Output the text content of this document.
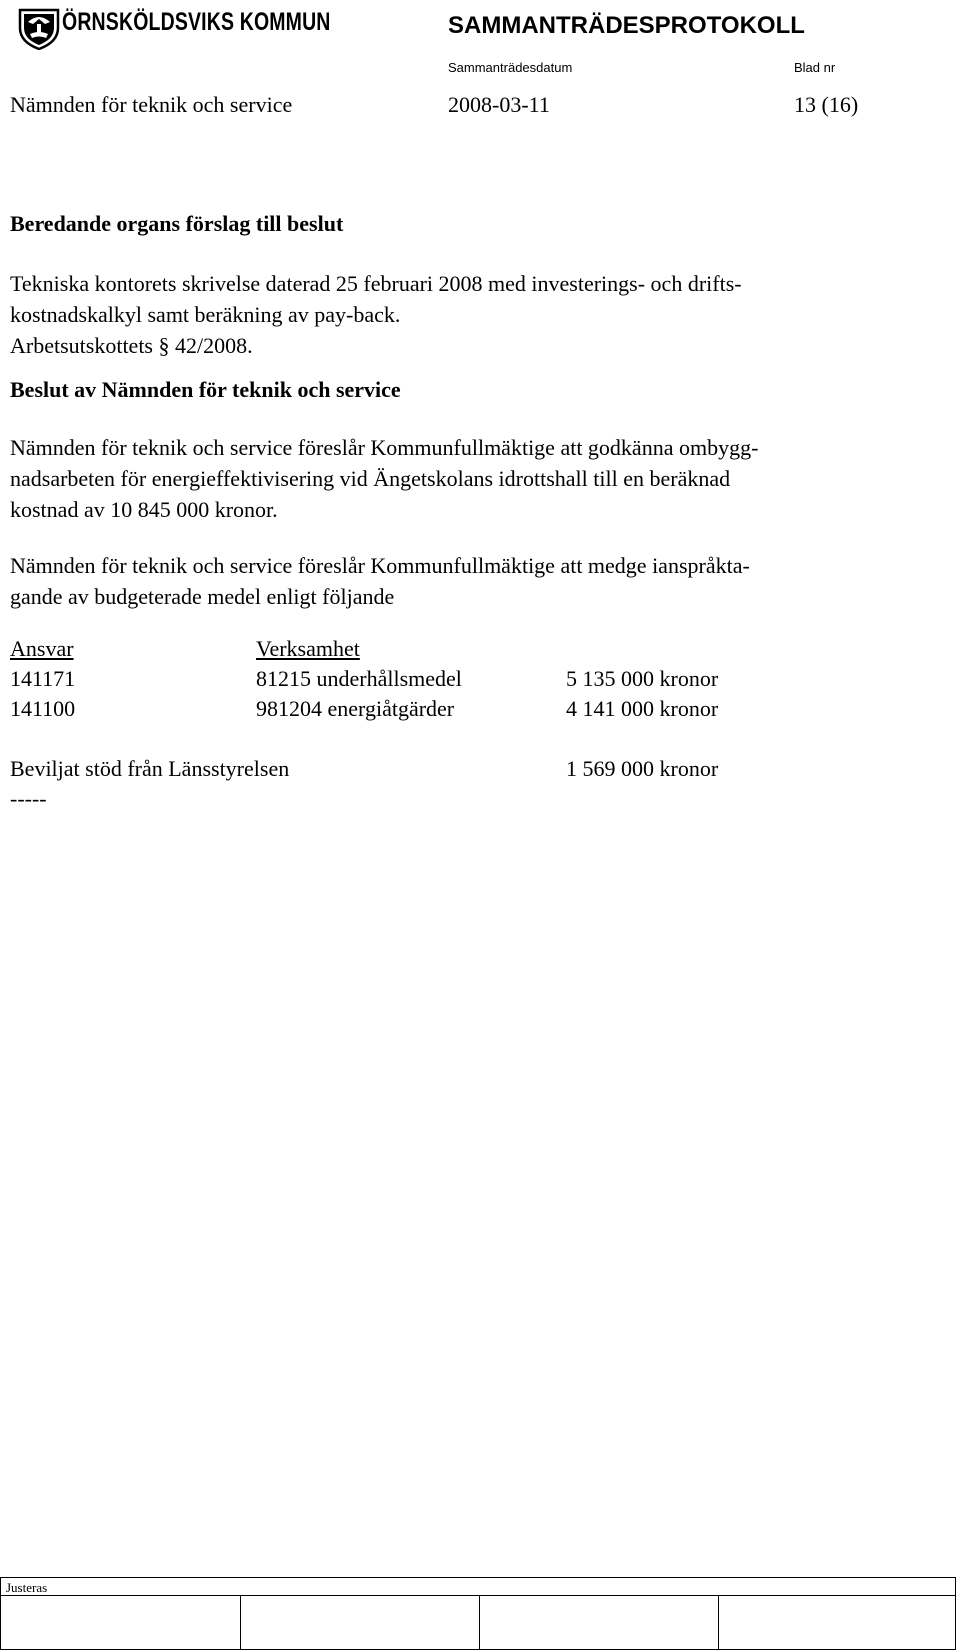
ÖRNSKÖLDSVIKS KOMMUN	SAMMANTRÄDESPROTOKOLL
Sammanträdesdatum	Blad nr
Nämnden för teknik och service	2008-03-11	13 (16)
Beredande organs förslag till beslut
Tekniska kontorets skrivelse daterad 25 februari 2008 med investerings- och drifts-
kostnadskalkyl samt beräkning av pay-back.
Arbetsutskottets § 42/2008.
Beslut av Nämnden för teknik och service
Nämnden för teknik och service föreslår Kommunfullmäktige att godkänna ombygg-
nadsarbeten för energieffektivisering vid Ängetskolans idrottshall till en beräknad
kostnad av 10 845 000 kronor.
Nämnden för teknik och service föreslår Kommunfullmäktige att medge ianspråkta-
gande av budgeterade medel enligt följande
Ansvar	Verksamhet
141171	81215 underhållsmedel	5 135 000 kronor
141100	981204 energiåtgärder	4 141 000 kronor
Beviljat stöd från Länsstyrelsen	1 569 000 kronor
-----
Justeras
